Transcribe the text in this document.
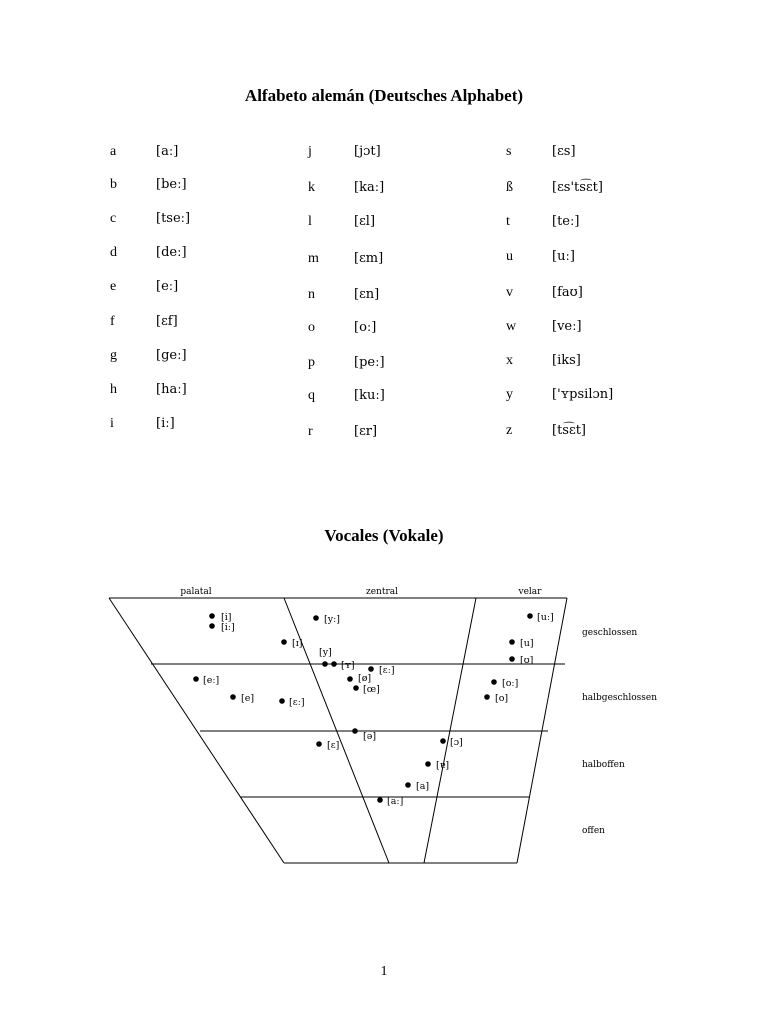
Alfabeto alemán (Deutsches Alphabet)
a	[aː]
b	[beː]
c	[tseː]
d	[deː]
e	[eː]
f	[ɛf]
g	[geː]
h	[haː]
i	[iː]
j	[jɔt]
k	[kaː]
l	[ɛl]
m	[ɛm]
n	[ɛn]
o	[oː]
p	[peː]
q	[kuː]
r	[ɛr]
s	[ɛs]
ß	[ɛs'ts͡ɛt]
t	[teː]
u	[uː]
v	[faʊ]
w	[veː]
x	[iks]
y	['ʏpsilɔn]
z	[ts͡ɛt]
Vocales (Vokale)
palatal	zentral	velar
geschlossen
halbgeschlossen
halboffen
offen
[i]
[iː]
[ɪ]
[yː]
[y]
[ʏ]	[ɛː]
[eː]
[e]	[ɛː]
[ø]
[œ]
[ə]
[ɛ]	[ɔ]
[ɐ]
[a]
[aː]
[uː]
[u]
[ʊ]
[oː]
[o]
1
